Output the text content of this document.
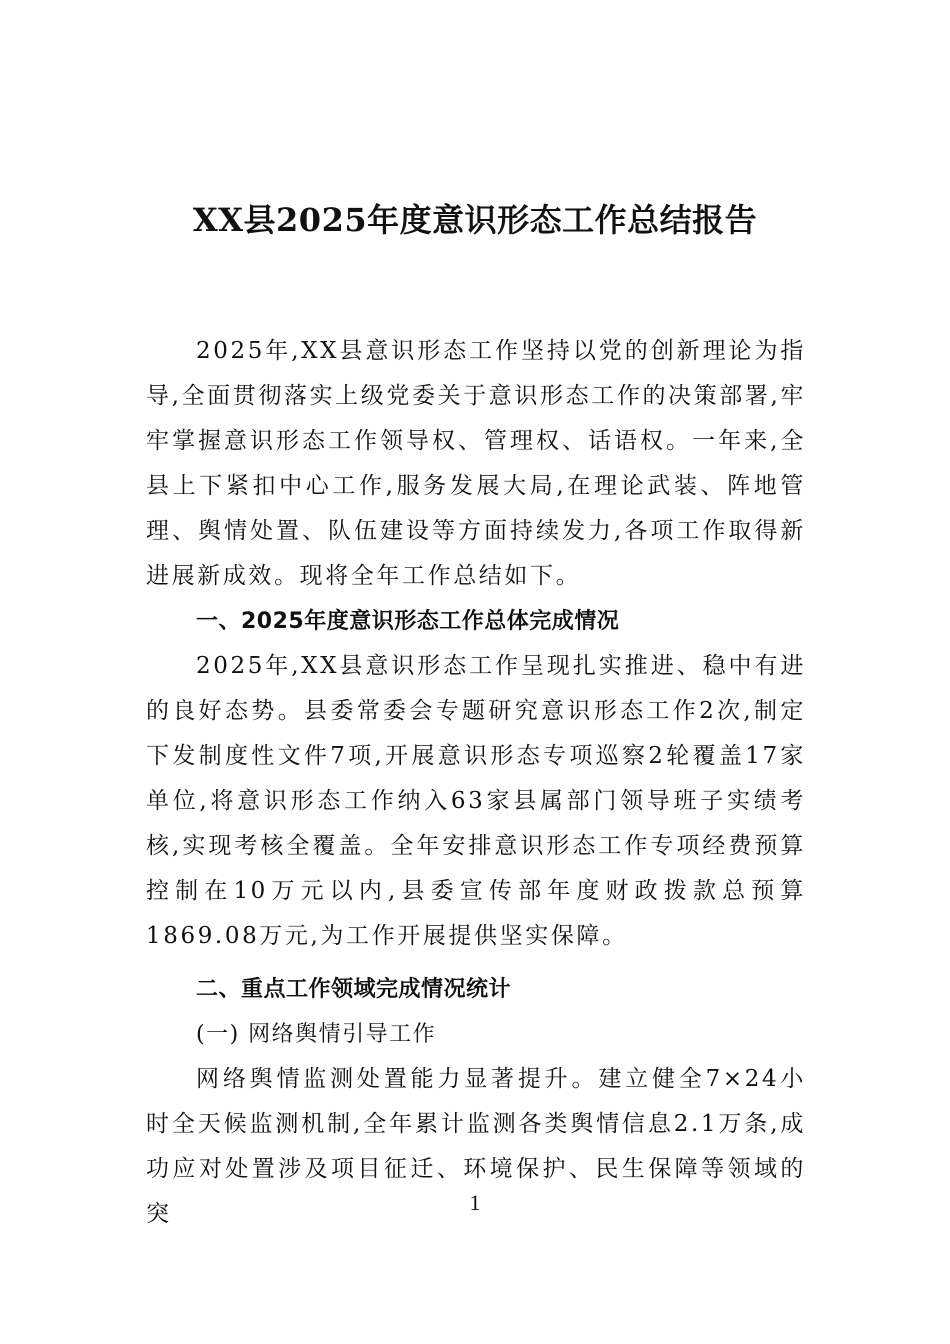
XX县2025年度意识形态工作总结报告

2025年,XX县意识形态工作坚持以党的创新理论为指导,全面贯彻落实上级党委关于意识形态工作的决策部署,牢牢掌握意识形态工作领导权、管理权、话语权。一年来,全县上下紧扣中心工作,服务发展大局,在理论武装、阵地管理、舆情处置、队伍建设等方面持续发力,各项工作取得新进展新成效。现将全年工作总结如下。

一、2025年度意识形态工作总体完成情况

2025年,XX县意识形态工作呈现扎实推进、稳中有进的良好态势。县委常委会专题研究意识形态工作2次,制定下发制度性文件7项,开展意识形态专项巡察2轮覆盖17家单位,将意识形态工作纳入63家县属部门领导班子实绩考核,实现考核全覆盖。全年安排意识形态工作专项经费预算控制在10万元以内,县委宣传部年度财政拨款总预算1869.08万元,为工作开展提供坚实保障。

二、重点工作领域完成情况统计

(一) 网络舆情引导工作

网络舆情监测处置能力显著提升。建立健全7×24小时全天候监测机制,全年累计监测各类舆情信息2.1万条,成功应对处置涉及项目征迁、环境保护、民生保障等领域的突	1
